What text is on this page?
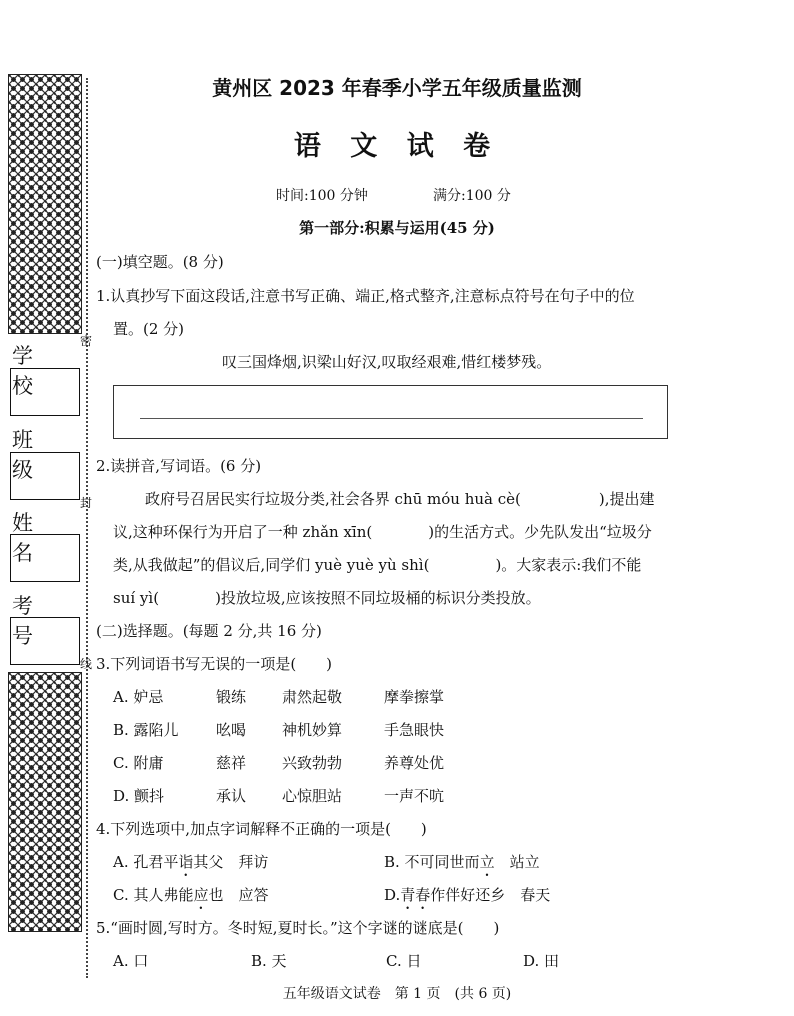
学 校
班 级
姓 名
考 号
密
封
线
黄州区 2023 年春季小学五年级质量监测
语 文 试 卷
时间:100 分钟	满分:100 分
第一部分:积累与运用(45 分)
(一)填空题。(8 分)
1.认真抄写下面这段话,注意书写正确、端正,格式整齐,注意标点符号在句子中的位
置。(2 分)
叹三国烽烟,识梁山好汉,叹取经艰难,惜红楼梦残。
2.读拼音,写词语。(6 分)
政府号召居民实行垃圾分类,社会各界 chū móu huà cè(	),提出建
议,这种环保行为开启了一种 zhǎn xīn(	)的生活方式。少先队发出“垃圾分
类,从我做起”的倡议后,同学们 yuè yuè yù shì(	)。大家表示:我们不能
suí yì(	)投放垃圾,应该按照不同垃圾桶的标识分类投放。
(二)选择题。(每题 2 分,共 16 分)
3.下列词语书写无误的一项是(　　)
A. 妒忌	锻练 肃然起敬	摩拳擦掌
B. 露陷儿 吆喝 神机妙算	手急眼快
C. 附庸	慈祥 兴致勃勃	养尊处优
D. 颤抖	承认 心惊胆站	一声不吭
4.下列选项中,加点字词解释不正确的一项是(　　)
A. 孔君平诣其父　拜访	B. 不可同世而立　站立
C. 其人弗能应也　应答	D.青春作伴好还乡　春天
5.“画时圆,写时方。冬时短,夏时长。”这个字谜的谜底是(　　)
A. 口	B. 天	C. 日	D. 田
五年级语文试卷　第 1 页　(共 6 页)
